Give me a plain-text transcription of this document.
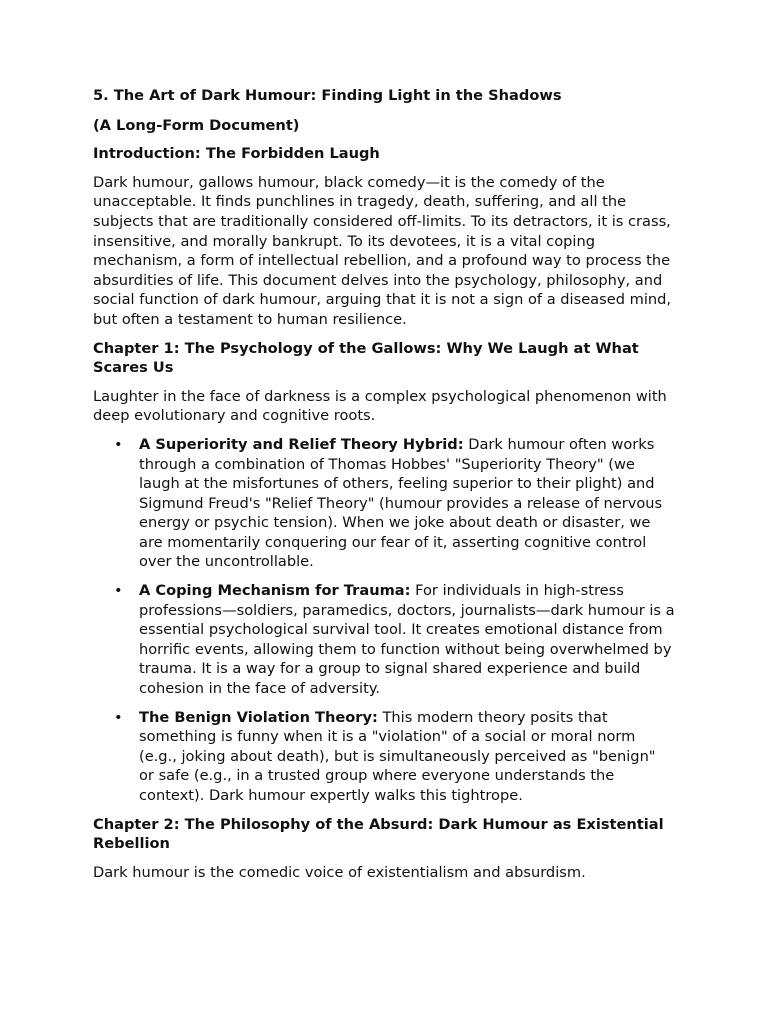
5. The Art of Dark Humour: Finding Light in the Shadows
(A Long-Form Document)
Introduction: The Forbidden Laugh

Dark humour, gallows humour, black comedy—it is the comedy of the unacceptable. It finds punchlines in tragedy, death, suffering, and all the subjects that are traditionally considered off-limits. To its detractors, it is crass, insensitive, and morally bankrupt. To its devotees, it is a vital coping mechanism, a form of intellectual rebellion, and a profound way to process the absurdities of life. This document delves into the psychology, philosophy, and social function of dark humour, arguing that it is not a sign of a diseased mind, but often a testament to human resilience.

Chapter 1: The Psychology of the Gallows: Why We Laugh at What Scares Us

Laughter in the face of darkness is a complex psychological phenomenon with deep evolutionary and cognitive roots.

• A Superiority and Relief Theory Hybrid: Dark humour often works through a combination of Thomas Hobbes' "Superiority Theory" (we laugh at the misfortunes of others, feeling superior to their plight) and Sigmund Freud's "Relief Theory" (humour provides a release of nervous energy or psychic tension). When we joke about death or disaster, we are momentarily conquering our fear of it, asserting cognitive control over the uncontrollable.
• A Coping Mechanism for Trauma: For individuals in high-stress professions—soldiers, paramedics, doctors, journalists—dark humour is a essential psychological survival tool. It creates emotional distance from horrific events, allowing them to function without being overwhelmed by trauma. It is a way for a group to signal shared experience and build cohesion in the face of adversity.
• The Benign Violation Theory: This modern theory posits that something is funny when it is a "violation" of a social or moral norm (e.g., joking about death), but is simultaneously perceived as "benign" or safe (e.g., in a trusted group where everyone understands the context). Dark humour expertly walks this tightrope.
Chapter 2: The Philosophy of the Absurd: Dark Humour as Existential Rebellion

Dark humour is the comedic voice of existentialism and absurdism.
